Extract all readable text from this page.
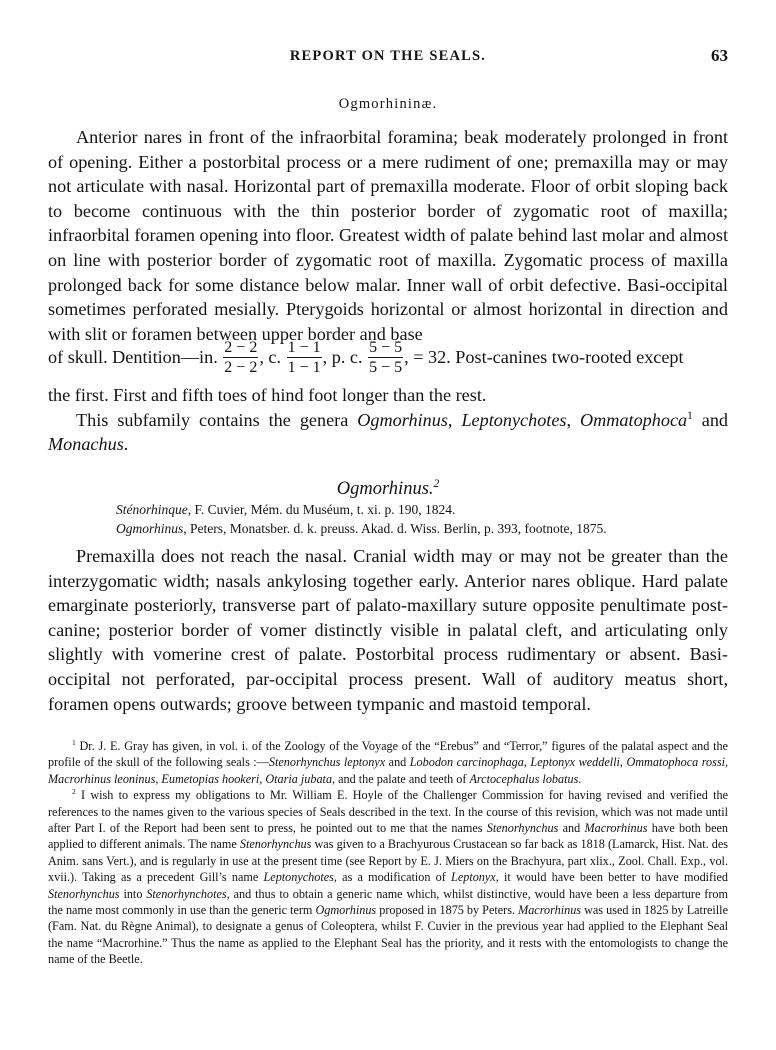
REPORT ON THE SEALS.	63
Ogmorhininæ.

Anterior nares in front of the infraorbital foramina; beak moderately prolonged in front of opening. Either a postorbital process or a mere rudiment of one; premaxilla may or may not articulate with nasal. Horizontal part of premaxilla moderate. Floor of orbit sloping back to become continuous with the thin posterior border of zygomatic root of maxilla; infraorbital foramen opening into floor. Greatest width of palate behind last molar and almost on line with posterior border of zygomatic root of maxilla. Zygomatic process of maxilla prolonged back for some distance below malar. Inner wall of orbit defective. Basi-occipital sometimes perforated mesially. Pterygoids horizontal or almost horizontal in direction and with slit or foramen between upper border and base

of skull. Dentition—in. $\frac{2 - 2}{2 - 2}$ , c. $\frac{1 - 1}{1 - 1}$ , p. c. $\frac{5 - 5}{5 - 5}$ , = 32. Post-canines two-rooted except

the first. First and fifth toes of hind foot longer than the rest.

This subfamily contains the genera Ogmorhinus, Leptonychotes, Ommatophoca$^1$ and Monachus.

Ogmorhinus.$^2$
Sténorhinque, F. Cuvier, Mém. du Muséum, t. xi. p. 190, 1824.
Ogmorhinus, Peters, Monatsber. d. k. preuss. Akad. d. Wiss. Berlin, p. 393, footnote, 1875.

Premaxilla does not reach the nasal. Cranial width may or may not be greater than the interzygomatic width; nasals ankylosing together early. Anterior nares oblique. Hard palate emarginate posteriorly, transverse part of palato-maxillary suture opposite penultimate post-canine; posterior border of vomer distinctly visible in palatal cleft, and articulating only slightly with vomerine crest of palate. Postorbital process rudimentary or absent. Basi-occipital not perforated, par-occipital process present. Wall of auditory meatus short, foramen opens outwards; groove between tympanic and mastoid temporal.

$^1$ Dr. J. E. Gray has given, in vol. i. of the Zoology of the Voyage of the “Erebus” and “Terror,” figures of the palatal aspect and the profile of the skull of the following seals :—Stenorhynchus leptonyx and Lobodon carcinophaga, Leptonyx weddelli, Ommatophoca rossi, Macrorhinus leoninus, Eumetopias hookeri, Otaria jubata, and the palate and teeth of Arctocephalus lobatus.

$^2$ I wish to express my obligations to Mr. William E. Hoyle of the Challenger Commission for having revised and verified the references to the names given to the various species of Seals described in the text. In the course of this revision, which was not made until after Part I. of the Report had been sent to press, he pointed out to me that the names Stenorhynchus and Macrorhinus have both been applied to different animals. The name Stenorhynchus was given to a Brachyurous Crustacean so far back as 1818 (Lamarck, Hist. Nat. des Anim. sans Vert.), and is regularly in use at the present time (see Report by E. J. Miers on the Brachyura, part xlix., Zool. Chall. Exp., vol. xvii.). Taking as a precedent Gill’s name Leptonychotes, as a modification of Leptonyx, it would have been better to have modified Stenorhynchus into Stenorhynchotes, and thus to obtain a generic name which, whilst distinctive, would have been a less departure from the name most commonly in use than the generic term Ogmorhinus proposed in 1875 by Peters. Macrorhinus was used in 1825 by Latreille (Fam. Nat. du Règne Animal), to designate a genus of Coleoptera, whilst F. Cuvier in the previous year had applied to the Elephant Seal the name “Macrorhine.” Thus the name as applied to the Elephant Seal has the priority, and it rests with the entomologists to change the name of the Beetle.
